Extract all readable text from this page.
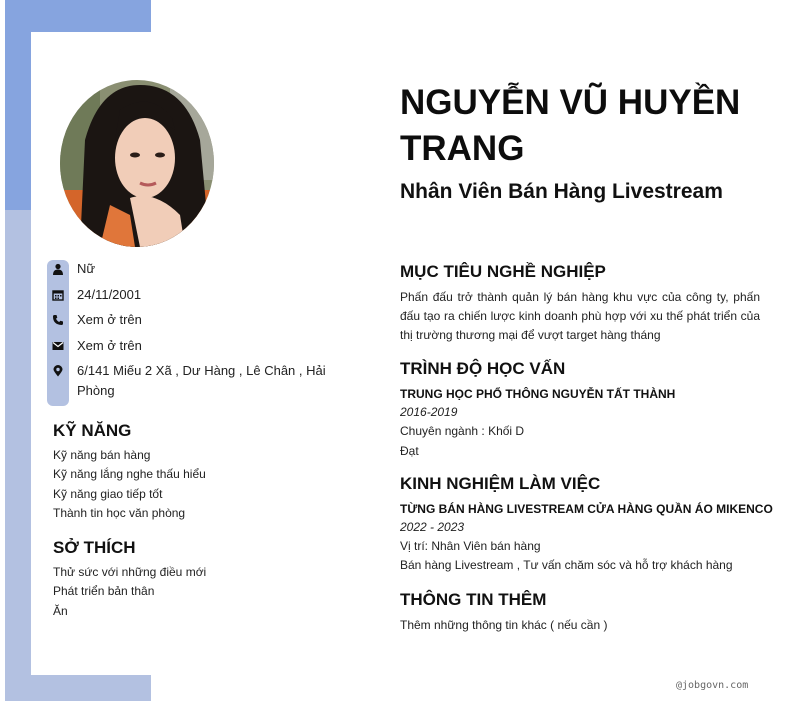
Nữ
24/11/2001
Xem ở trên
Xem ở trên
6/141 Miếu 2 Xã , Dư Hàng , Lê Chân , Hải Phòng
KỸ NĂNG
Kỹ năng bán hàng
Kỹ năng lắng nghe thấu hiểu
Kỹ năng giao tiếp tốt
Thành tin học văn phòng
SỞ THÍCH
Thử sức với những điều mới
Phát triển bản thân
Ăn
NGUYỄN VŨ HUYỀN TRANG
Nhân Viên Bán Hàng Livestream
MỤC TIÊU NGHỀ NGHIỆP

Phấn đấu trở thành quản lý bán hàng khu vực của công ty, phấn đấu tạo ra chiến lược kinh doanh phù hợp với xu thế phát triển của thị trường thương mại để vượt target hàng tháng

TRÌNH ĐỘ HỌC VẤN

TRUNG HỌC PHỔ THÔNG NGUYỄN TẤT THÀNH

2016-2019

Chuyên ngành : Khối D

Đạt

KINH NGHIỆM LÀM VIỆC

TỪNG BÁN HÀNG LIVESTREAM CỬA HÀNG QUẦN ÁO MIKENCO

2022 - 2023

Vị trí: Nhân Viên bán hàng

Bán hàng Livestream , Tư vấn chăm sóc và hỗ trợ khách hàng

THÔNG TIN THÊM

Thêm những thông tin khác ( nếu cần )

@jobgovn.com
